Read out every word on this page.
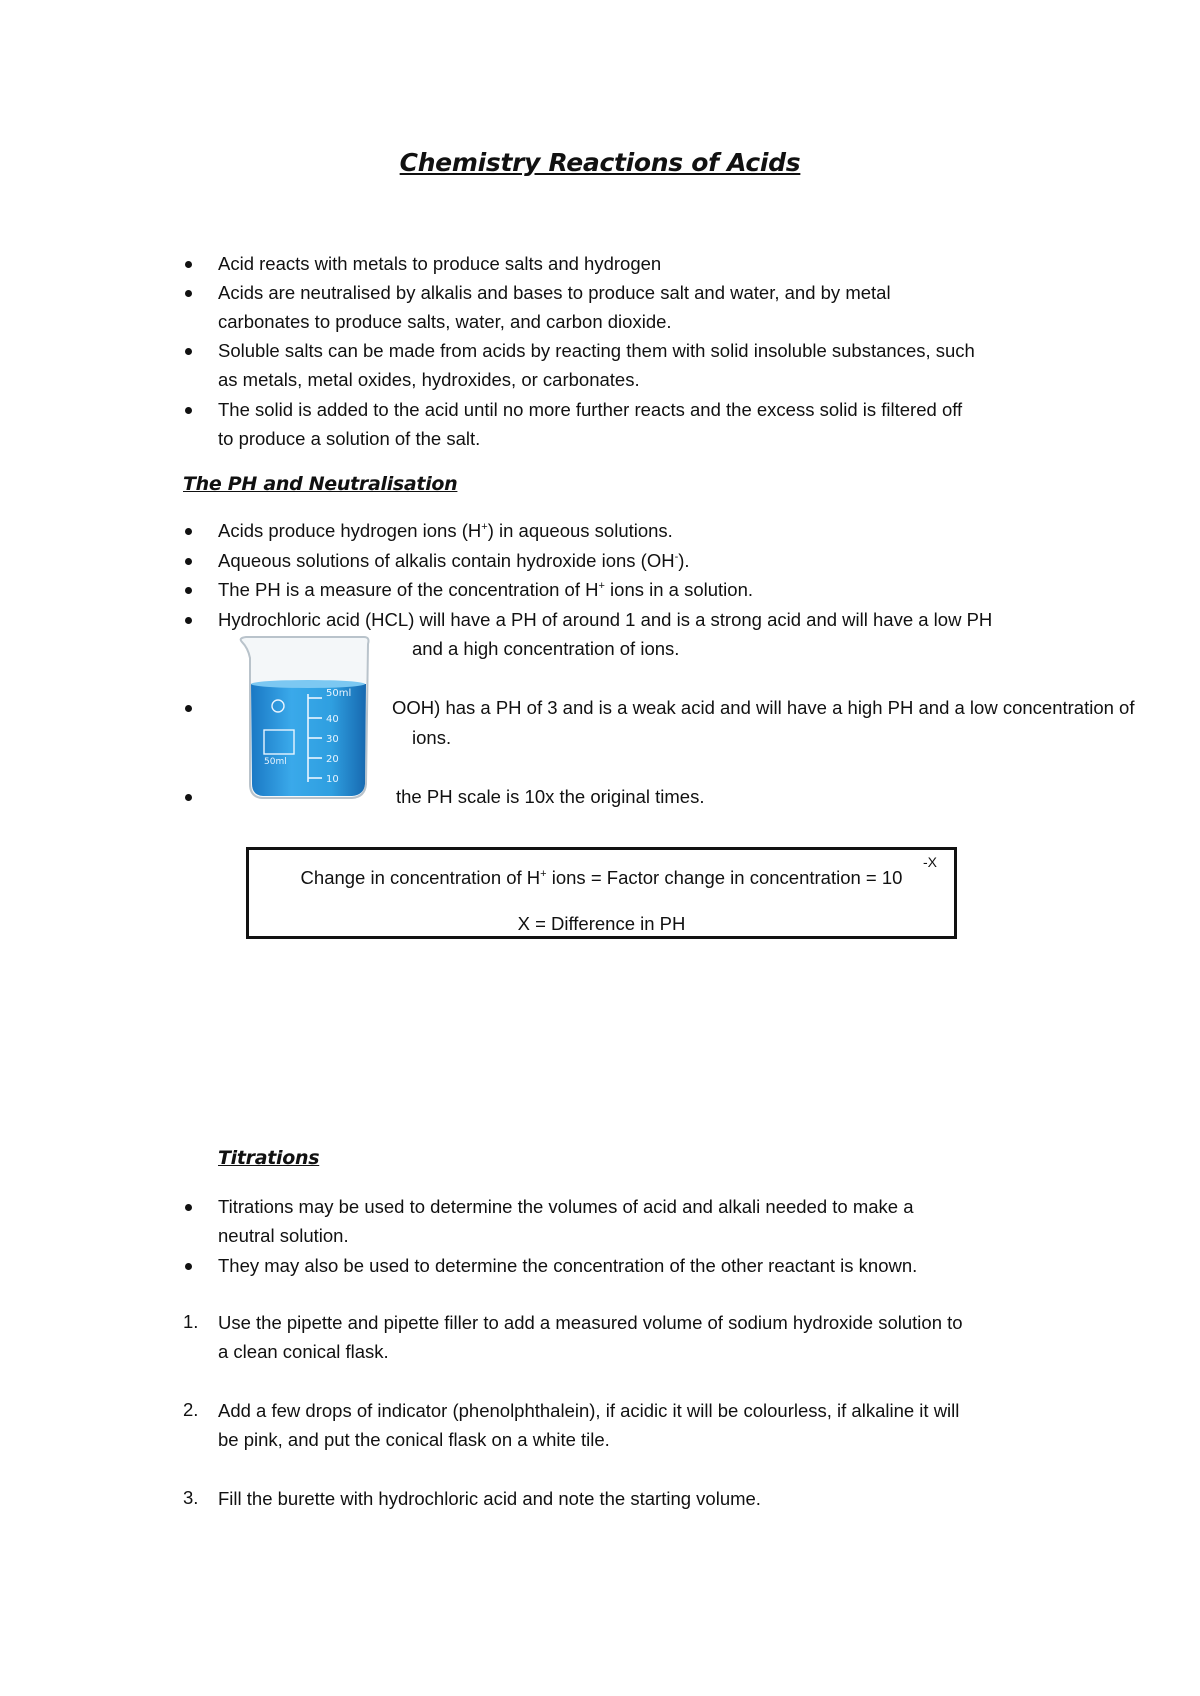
Chemistry Reactions of Acids
Acid reacts with metals to produce salts and hydrogen
Acids are neutralised by alkalis and bases to produce salt and water, and by metal
carbonates to produce salts, water, and carbon dioxide.
Soluble salts can be made from acids by reacting them with solid insoluble substances, such
as metals, metal oxides, hydroxides, or carbonates.
The solid is added to the acid until no more further reacts and the excess solid is filtered off
to produce a solution of the salt.
The PH and Neutralisation
Acids produce hydrogen ions (H+) in aqueous solutions.
Aqueous solutions of alkalis contain hydroxide ions (OH-).
The PH is a measure of the concentration of H+ ions in a solution.
Hydrochloric acid (HCL) will have a PH of around 1 and is a strong acid and will have a low PH
and a high concentration of ions.
OOH) has a PH of 3 and is a weak acid and will have a high PH and a low concentration of
ions.
the PH scale is 10x the original times.
50ml
40
30
20
10
50ml
Change in concentration of H+ ions = Factor change in concentration = 10
-X
X = Difference in PH
Titrations
Titrations may be used to determine the volumes of acid and alkali needed to make a
neutral solution.
They may also be used to determine the concentration of the other reactant is known.
1. Use the pipette and pipette filler to add a measured volume of sodium hydroxide solution to
a clean conical flask.
2. Add a few drops of indicator (phenolphthalein), if acidic it will be colourless, if alkaline it will
be pink, and put the conical flask on a white tile.
3. Fill the burette with hydrochloric acid and note the starting volume.
